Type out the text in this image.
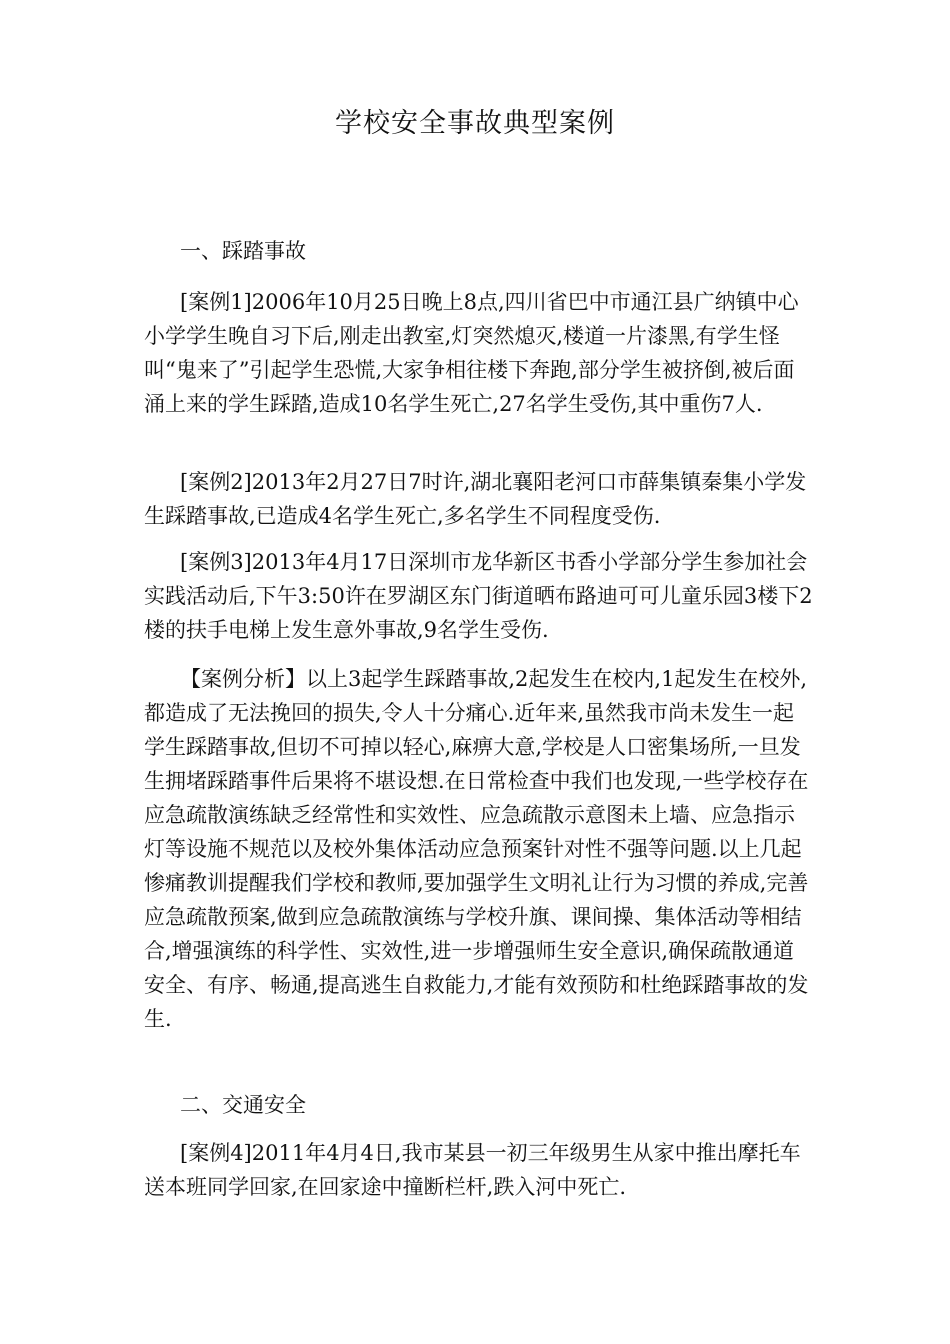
学校安全事故典型案例
一、踩踏事故

[案例1]2006年10月25日晚上8点,四川省巴中市通江县广纳镇中心小学学生晚自习下后,刚走出教室,灯突然熄灭,楼道一片漆黑,有学生怪叫“鬼来了”引起学生恐慌,大家争相往楼下奔跑,部分学生被挤倒,被后面涌上来的学生踩踏,造成10名学生死亡,27名学生受伤,其中重伤7人.

[案例2]2013年2月27日7时许,湖北襄阳老河口市薛集镇秦集小学发生踩踏事故,已造成4名学生死亡,多名学生不同程度受伤.

[案例3]2013年4月17日深圳市龙华新区书香小学部分学生参加社会实践活动后,下午3:50许在罗湖区东门街道晒布路迪可可儿童乐园3楼下2楼的扶手电梯上发生意外事故,9名学生受伤.

【案例分析】以上3起学生踩踏事故,2起发生在校内,1起发生在校外,都造成了无法挽回的损失,令人十分痛心.近年来,虽然我市尚未发生一起学生踩踏事故,但切不可掉以轻心,麻痹大意,学校是人口密集场所,一旦发生拥堵踩踏事件后果将不堪设想.在日常检查中我们也发现,一些学校存在应急疏散演练缺乏经常性和实效性、应急疏散示意图未上墙、应急指示灯等设施不规范以及校外集体活动应急预案针对性不强等问题.以上几起惨痛教训提醒我们学校和教师,要加强学生文明礼让行为习惯的养成,完善应急疏散预案,做到应急疏散演练与学校升旗、课间操、集体活动等相结合,增强演练的科学性、实效性,进一步增强师生安全意识,确保疏散通道安全、有序、畅通,提高逃生自救能力,才能有效预防和杜绝踩踏事故的发生.

二、交通安全

[案例4]2011年4月4日,我市某县一初三年级男生从家中推出摩托车送本班同学回家,在回家途中撞断栏杆,跌入河中死亡.
